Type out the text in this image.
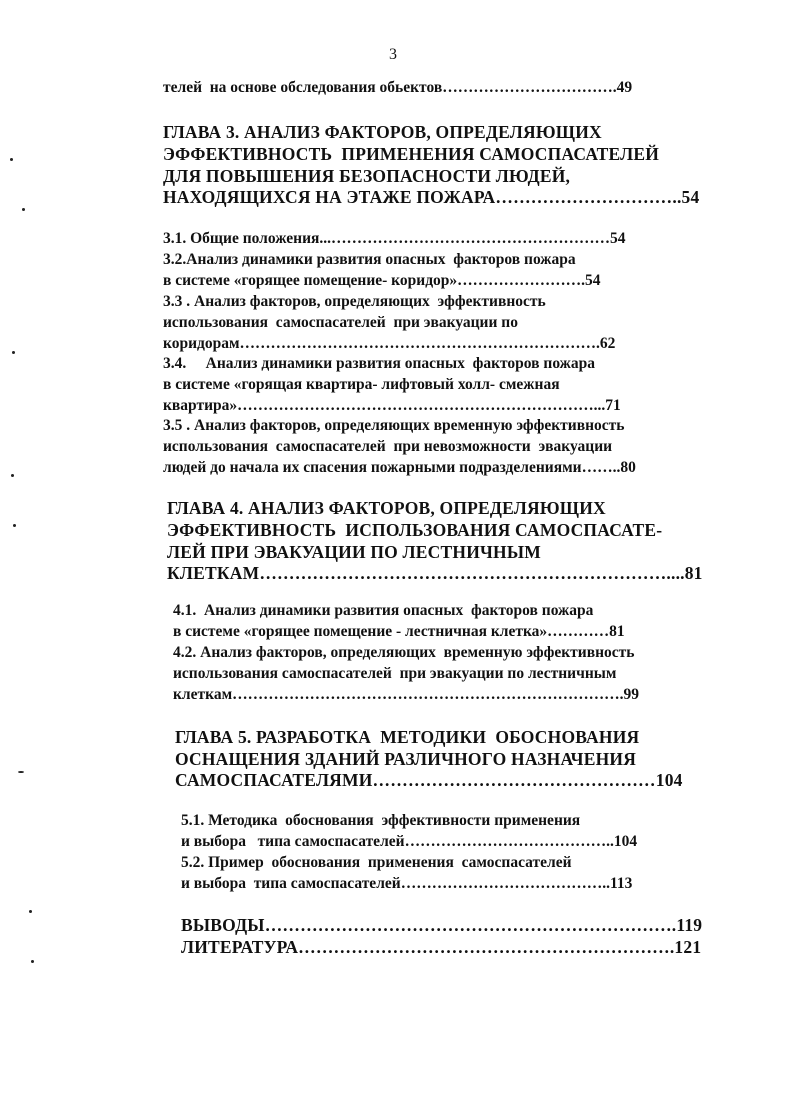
3
телей  на основе обследования обьектов…………………………….49
ГЛАВА 3. АНАЛИЗ ФАКТОРОВ, ОПРЕДЕЛЯЮЩИХ
ЭФФЕКТИВНОСТЬ  ПРИМЕНЕНИЯ САМОСПАСАТЕЛЕЙ
ДЛЯ ПОВЫШЕНИЯ БЕЗОПАСНОСТИ ЛЮДЕЙ,
НАХОДЯЩИХСЯ НА ЭТАЖЕ ПОЖАРА…………………………..54
3.1. Общие положения...………………………………………………54
3.2.Анализ динамики развития опасных  факторов пожара
в системе «горящее помещение- коридор»…………………….54
3.3 . Анализ факторов, определяющих  эффективность
использования  самоспасателей  при эвакуации по
коридорам…………………………………………………………….62
3.4.     Анализ динамики развития опасных  факторов пожара
в системе «горящая квартира- лифтовый холл- смежная
квартира»……………………………………………………………...71
3.5 . Анализ факторов, определяющих временную эффективность
использования  самоспасателей  при невозможности  эвакуации
людей до начала их спасения пожарными подразделениями……..80
ГЛАВА 4. АНАЛИЗ ФАКТОРОВ, ОПРЕДЕЛЯЮЩИХ
ЭФФЕКТИВНОСТЬ  ИСПОЛЬЗОВАНИЯ САМОСПАСАТЕ-
ЛЕЙ ПРИ ЭВАКУАЦИИ ПО ЛЕСТНИЧНЫМ
КЛЕТКАМ……………………………………………………………....81
4.1.  Анализ динамики развития опасных  факторов пожара
в системе «горящее помещение - лестничная клетка»…………81
4.2. Анализ факторов, определяющих  временную эффективность
использования самоспасателей  при эвакуации по лестничным
клеткам………………………………………………………………….99
ГЛАВА 5. РАЗРАБОТКА  МЕТОДИКИ  ОБОСНОВАНИЯ
ОСНАЩЕНИЯ ЗДАНИЙ РАЗЛИЧНОГО НАЗНАЧЕНИЯ
САМОСПАСАТЕЛЯМИ…………………………………………104
5.1. Методика  обоснования  эффективности применения
и выбора   типа самоспасателей…………………………………..104
5.2. Пример  обоснования  применения  самоспасателей
и выбора  типа самоспасателей…………………………………..113
ВЫВОДЫ…………………………………………………………….119
ЛИТЕРАТУРА……………………………………………………….121
